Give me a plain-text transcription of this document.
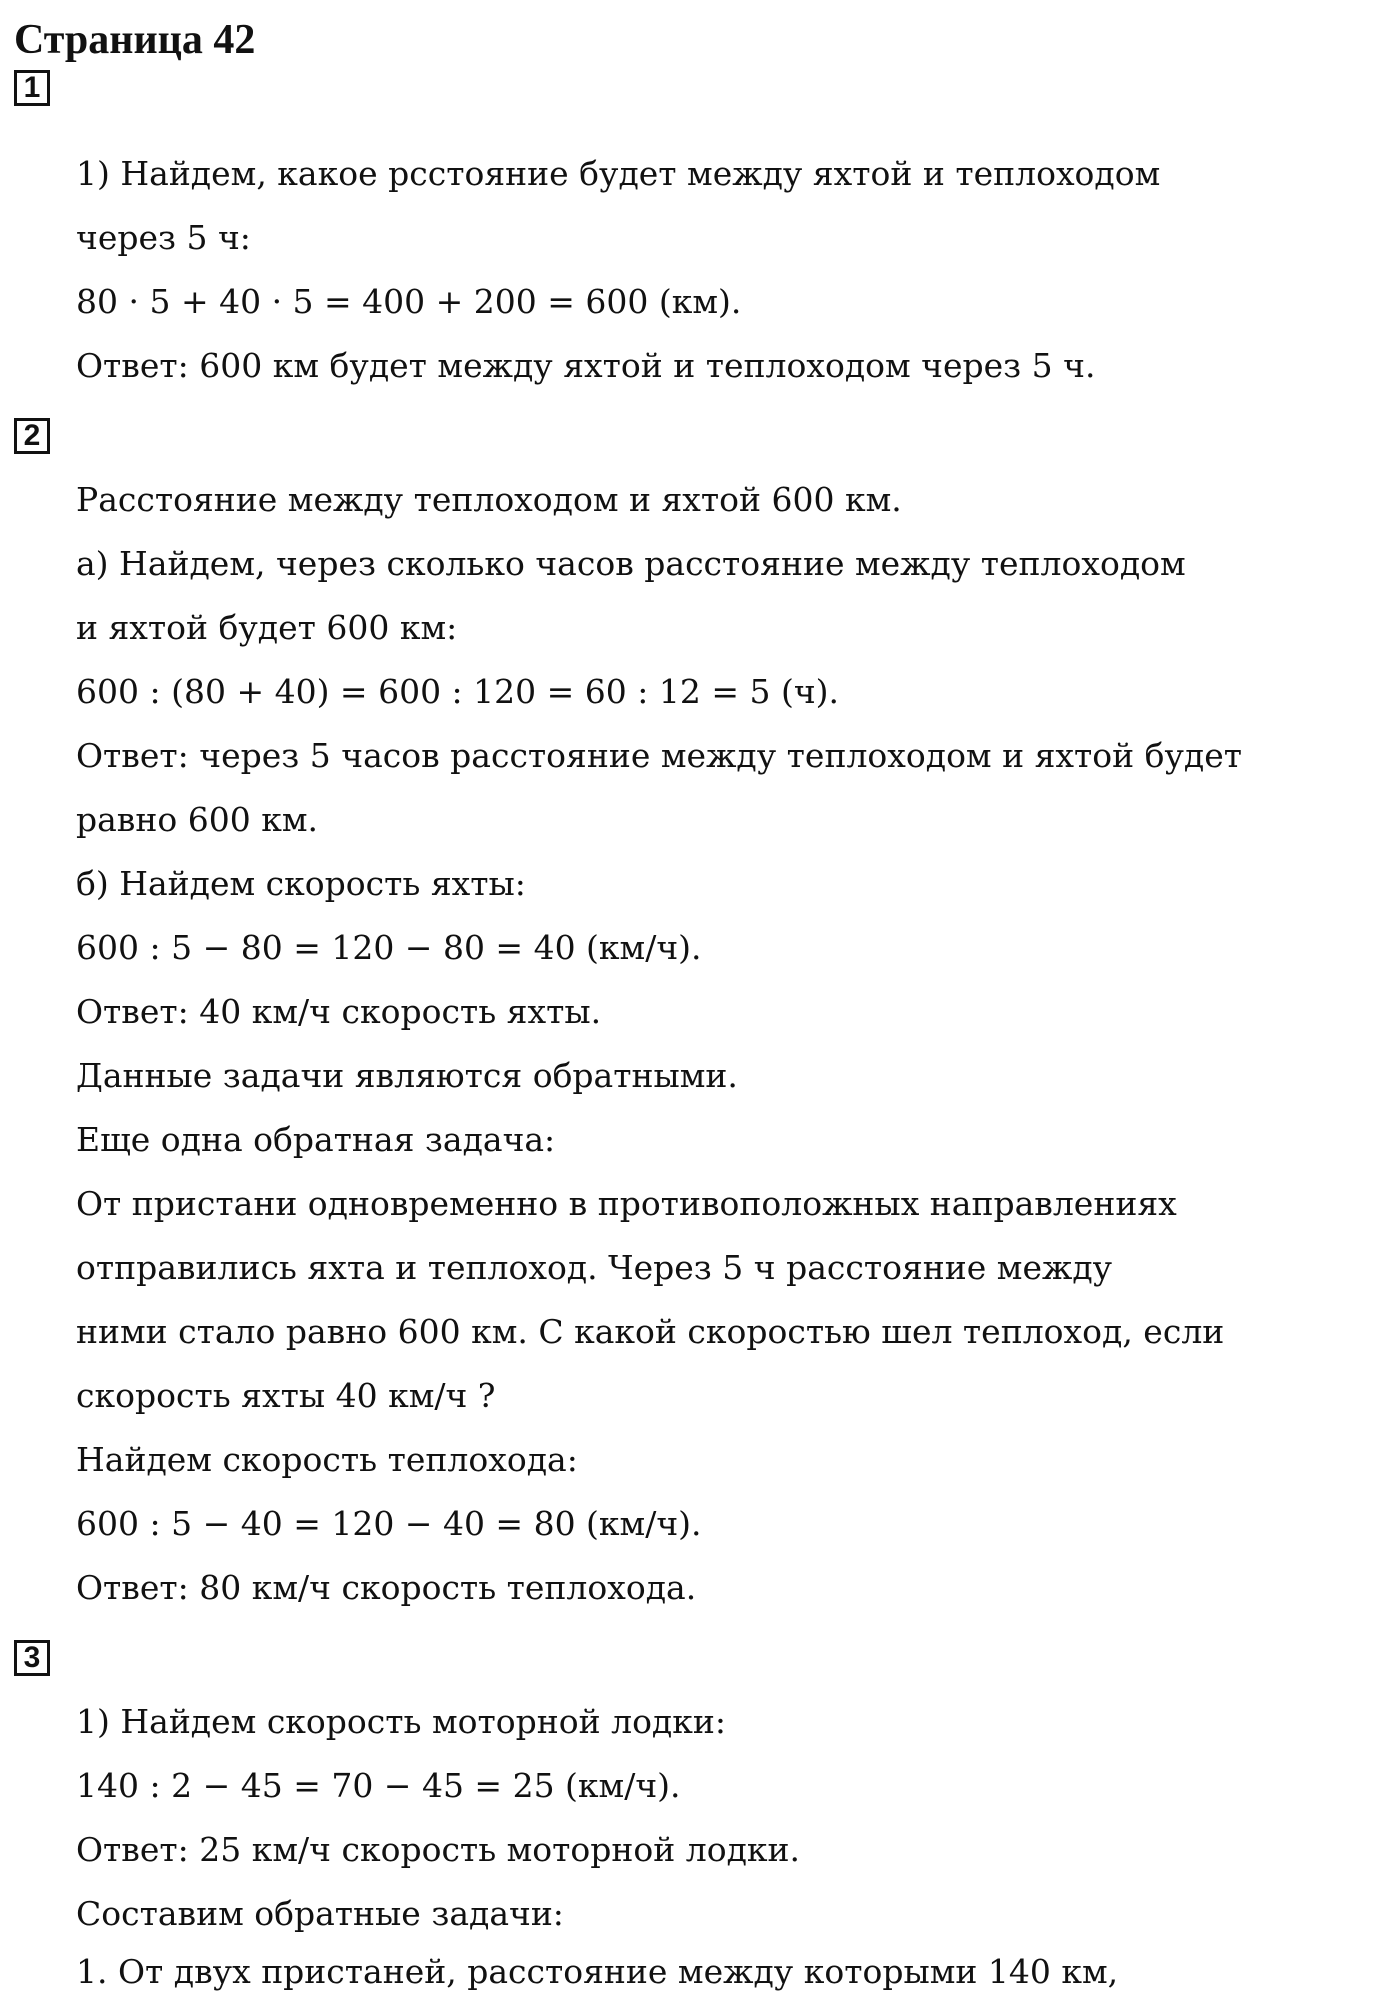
Страница 42
1

1) Найдем, какое рсстояние будет между яхтой и теплоходом

через 5 ч:

80 · 5 + 40 · 5 = 400 + 200 = 600 (км).

Ответ: 600 км будет между яхтой и теплоходом через 5 ч.

2

Расстояние между теплоходом и яхтой 600 км.

а) Найдем, через сколько часов расстояние между теплоходом

и яхтой будет 600 км:

600 : (80 + 40) = 600 : 120 = 60 : 12 = 5 (ч).

Ответ: через 5 часов расстояние между теплоходом и яхтой будет

равно 600 км.

б) Найдем скорость яхты:

600 : 5 − 80 = 120 − 80 = 40 (км/ч).

Ответ: 40 км/ч скорость яхты.

Данные задачи являются обратными.

Еще одна обратная задача:

От пристани одновременно в противоположных направлениях

отправились яхта и теплоход. Через 5 ч расстояние между

ними стало равно 600 км. С какой скоростью шел теплоход, если

скорость яхты 40 км/ч ?

Найдем скорость теплохода:

600 : 5 − 40 = 120 − 40 = 80 (км/ч).

Ответ: 80 км/ч скорость теплохода.

3

1) Найдем скорость моторной лодки:

140 : 2 − 45 = 70 − 45 = 25 (км/ч).

Ответ: 25 км/ч скорость моторной лодки.

Составим обратные задачи:

1. От двух пристаней, расстояние между которыми 140 км,
